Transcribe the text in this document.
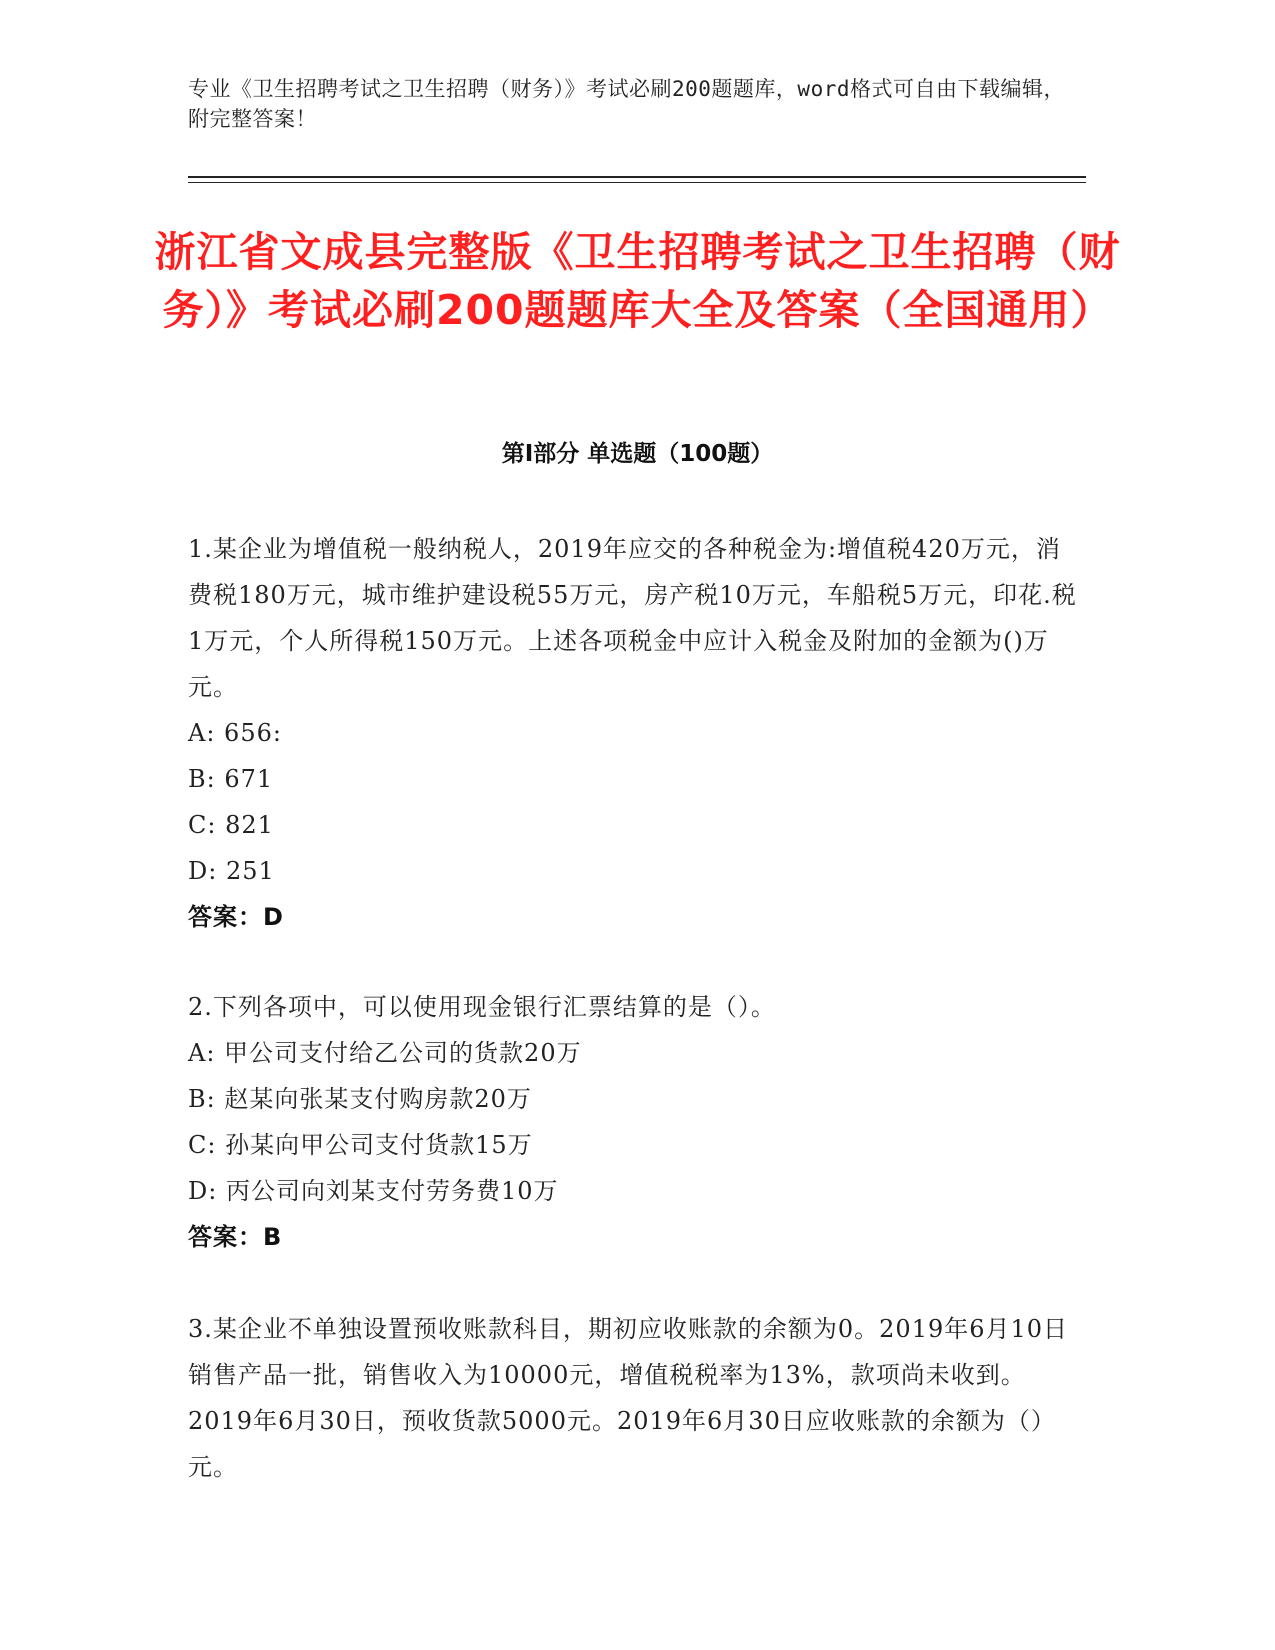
专业《卫生招聘考试之卫生招聘（财务）》考试必刷200题题库，word格式可自由下载编辑，附完整答案！
浙江省文成县完整版《卫生招聘考试之卫生招聘（财务）》考试必刷200题题库大全及答案（全国通用）
第Ⅰ部分 单选题（100题）
1.某企业为增值税一般纳税人，2019年应交的各种税金为:增值税420万元，消费税180万元，城市维护建设税55万元，房产税10万元，车船税5万元，印花.税1万元，个人所得税150万元。上述各项税金中应计入税金及附加的金额为()万元。
A: 656:
B: 671
C: 821
D: 251
答案：D
2.下列各项中，可以使用现金银行汇票结算的是（）。
A: 甲公司支付给乙公司的货款20万
B: 赵某向张某支付购房款20万
C: 孙某向甲公司支付货款15万
D: 丙公司向刘某支付劳务费10万
答案：B
3.某企业不单独设置预收账款科目，期初应收账款的余额为0。2019年6月10日销售产品一批，销售收入为10000元，增值税税率为13%，款项尚未收到。2019年6月30日，预收货款5000元。2019年6月30日应收账款的余额为（）元。
